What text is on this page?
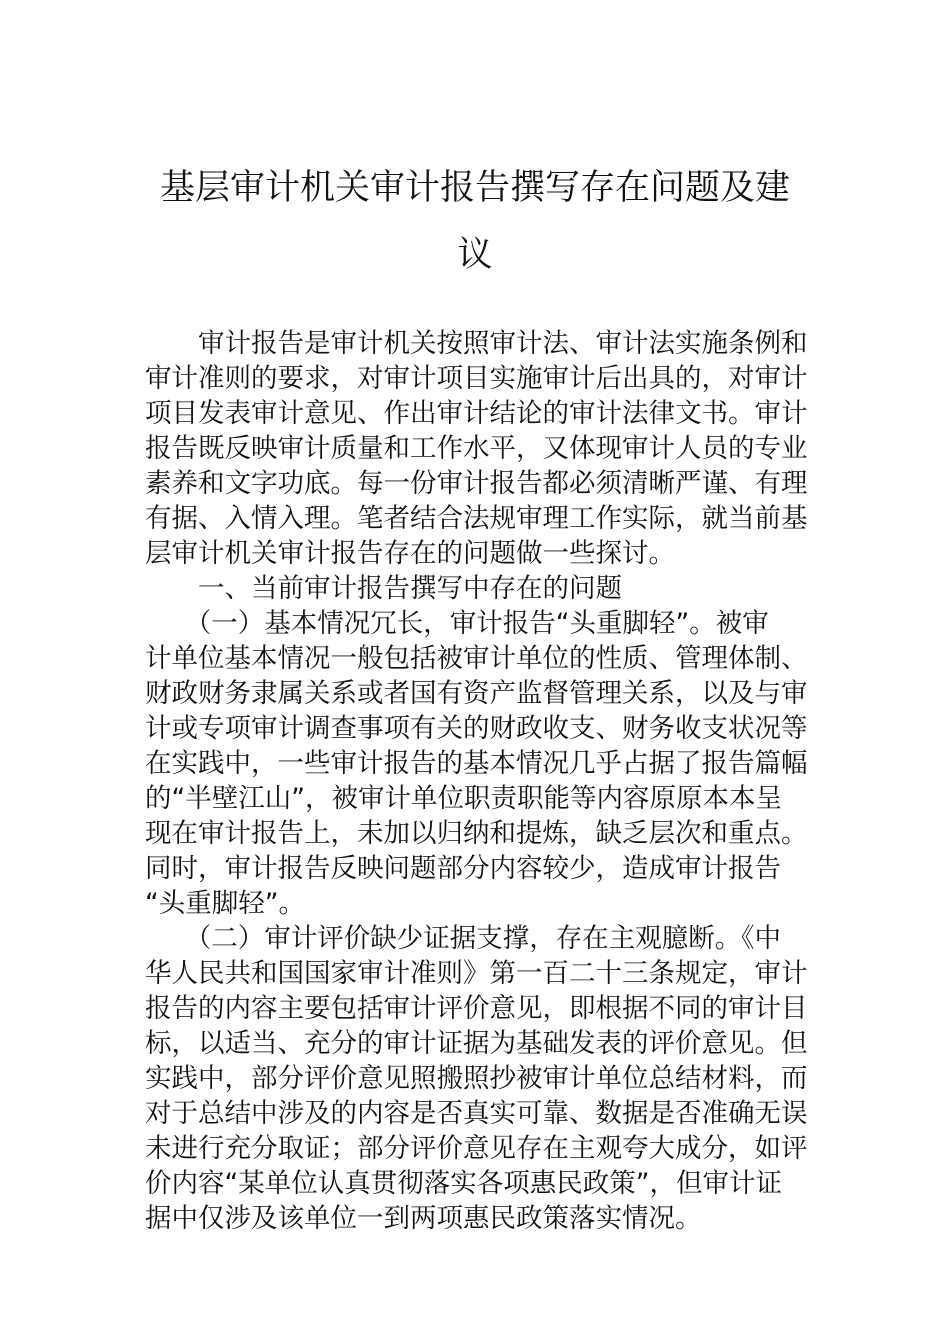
基层审计机关审计报告撰写存在问题及建
议
　　审计报告是审计机关按照审计法、审计法实施条例和
审计准则的要求，对审计项目实施审计后出具的，对审计
项目发表审计意见、作出审计结论的审计法律文书。审计
报告既反映审计质量和工作水平，又体现审计人员的专业
素养和文字功底。每一份审计报告都必须清晰严谨、有理
有据、入情入理。笔者结合法规审理工作实际，就当前基
层审计机关审计报告存在的问题做一些探讨。
　　一、当前审计报告撰写中存在的问题
　　（一）基本情况冗长，审计报告“头重脚轻”。被审
计单位基本情况一般包括被审计单位的性质、管理体制、
财政财务隶属关系或者国有资产监督管理关系，以及与审
计或专项审计调查事项有关的财政收支、财务收支状况等
在实践中，一些审计报告的基本情况几乎占据了报告篇幅
的“半壁江山”，被审计单位职责职能等内容原原本本呈
现在审计报告上，未加以归纳和提炼，缺乏层次和重点。
同时，审计报告反映问题部分内容较少，造成审计报告
“头重脚轻”。
　　（二）审计评价缺少证据支撑，存在主观臆断。《中
华人民共和国国家审计准则》第一百二十三条规定，审计
报告的内容主要包括审计评价意见，即根据不同的审计目
标，以适当、充分的审计证据为基础发表的评价意见。但
实践中，部分评价意见照搬照抄被审计单位总结材料，而
对于总结中涉及的内容是否真实可靠、数据是否准确无误
未进行充分取证；部分评价意见存在主观夸大成分，如评
价内容“某单位认真贯彻落实各项惠民政策”，但审计证
据中仅涉及该单位一到两项惠民政策落实情况。
